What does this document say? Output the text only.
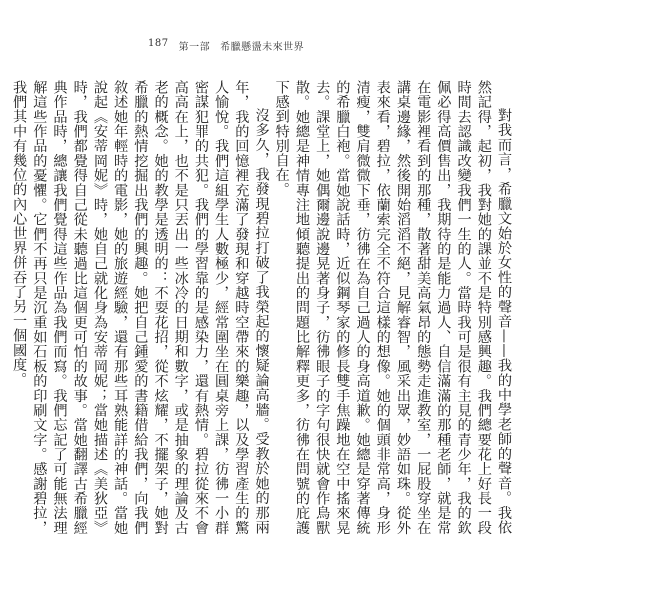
187 第一部 希臘懸盪未來世界

對我而言，希臘文始於女性的聲音——我的中學老師的聲音。我依然記得，起初，我對她的課並不是特別感興趣。我們總要花上好長一段時間去認識改變我們一生的人。當時我可是很有主見的青少年，我的欽佩必得高價售出，我期待的是能力過人、自信滿滿的那種老師，就是常在電影裡看到的那種，散著甜美高氣昂的態勢走進教室，一屁股穿坐在講桌邊緣，然後開始滔滔不絕，見解睿智，風采出眾，妙語如珠。從外表來看，碧拉，依蘭索完全不符合這樣的想像。她的個頭非常高，身形清瘦，雙肩微微下垂，彷彿在為自己過人的身高道歉。她總是穿著傳統的希臘白袍。當她說話時，近似鋼琴家的修長雙手焦躁地在空中搖來晃去。課堂上，她偶爾邊說邊晃著身子，彷彿眼子的字句很快就會作鳥獸散。她總是神情專注地傾聽提出的問題比解釋更多，彷彿在問號的庇護下感到特別自在。

沒多久，我發現碧拉打破了我榮起的懷疑論高牆。受教於她的那兩年，我的回憶裡充滿了發現和穿越時空帶來的樂趣，以及學習產生的驚人愉悅。我們這組學生人數極少，經常圍坐在圓桌旁上課，彷彿一小群密謀犯罪的共犯。我們的學習靠的是感染力，還有熱情。碧拉從來不會高高在上，也不是只丟出一些冰冷的日期和數字，或是抽象的理論及古老的概念。她的教學是透明的：不耍花招，從不炫耀，不擺架子，她對希臘的熱情挖掘出我們的興趣。她把自己鍾愛的書籍借給我們，向我們敘述她年輕時的電影，她的旅遊經驗，還有那些耳熟能詳的神話。當她說起《安蒂岡妮》時，她自己就化身為安蒂岡妮；當她描述《美狄亞》時，我們都覺得自己從未聽過比這個更可怕的故事。當她翻譯古希臘經典作品時，總讓我們覺得這些作品為我們而寫。我們忘記了可能無法理解這些作品的憂懼。它們不再只是沉重如石板的印刷文字。感謝碧拉，我們其中有幾位的內心世界併吞了另一個國度。
